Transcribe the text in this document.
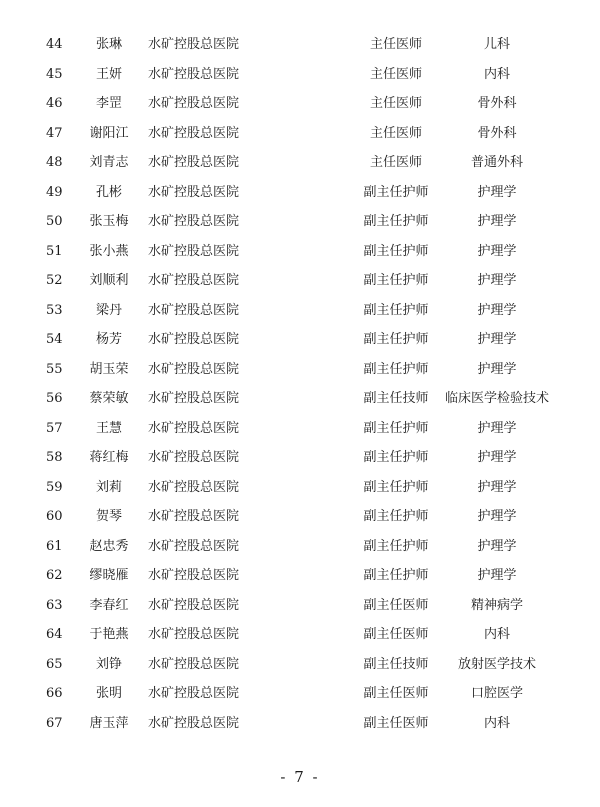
44	张琳	水矿控股总医院	主任医师	儿科
45	王妍	水矿控股总医院	主任医师	内科
46	李罡	水矿控股总医院	主任医师	骨外科
47	谢阳江	水矿控股总医院	主任医师	骨外科
48	刘青志	水矿控股总医院	主任医师	普通外科
49	孔彬	水矿控股总医院	副主任护师	护理学
50	张玉梅	水矿控股总医院	副主任护师	护理学
51	张小燕	水矿控股总医院	副主任护师	护理学
52	刘顺利	水矿控股总医院	副主任护师	护理学
53	梁丹	水矿控股总医院	副主任护师	护理学
54	杨芳	水矿控股总医院	副主任护师	护理学
55	胡玉荣	水矿控股总医院	副主任护师	护理学
56	蔡荣敏	水矿控股总医院	副主任技师	临床医学检验技术
57	王慧	水矿控股总医院	副主任护师	护理学
58	蒋红梅	水矿控股总医院	副主任护师	护理学
59	刘莉	水矿控股总医院	副主任护师	护理学
60	贺琴	水矿控股总医院	副主任护师	护理学
61	赵忠秀	水矿控股总医院	副主任护师	护理学
62	缪晓雁	水矿控股总医院	副主任护师	护理学
63	李春红	水矿控股总医院	副主任医师	精神病学
64	于艳燕	水矿控股总医院	副主任医师	内科
65	刘铮	水矿控股总医院	副主任技师	放射医学技术
66	张明	水矿控股总医院	副主任医师	口腔医学
67	唐玉萍	水矿控股总医院	副主任医师	内科
- 7 -
